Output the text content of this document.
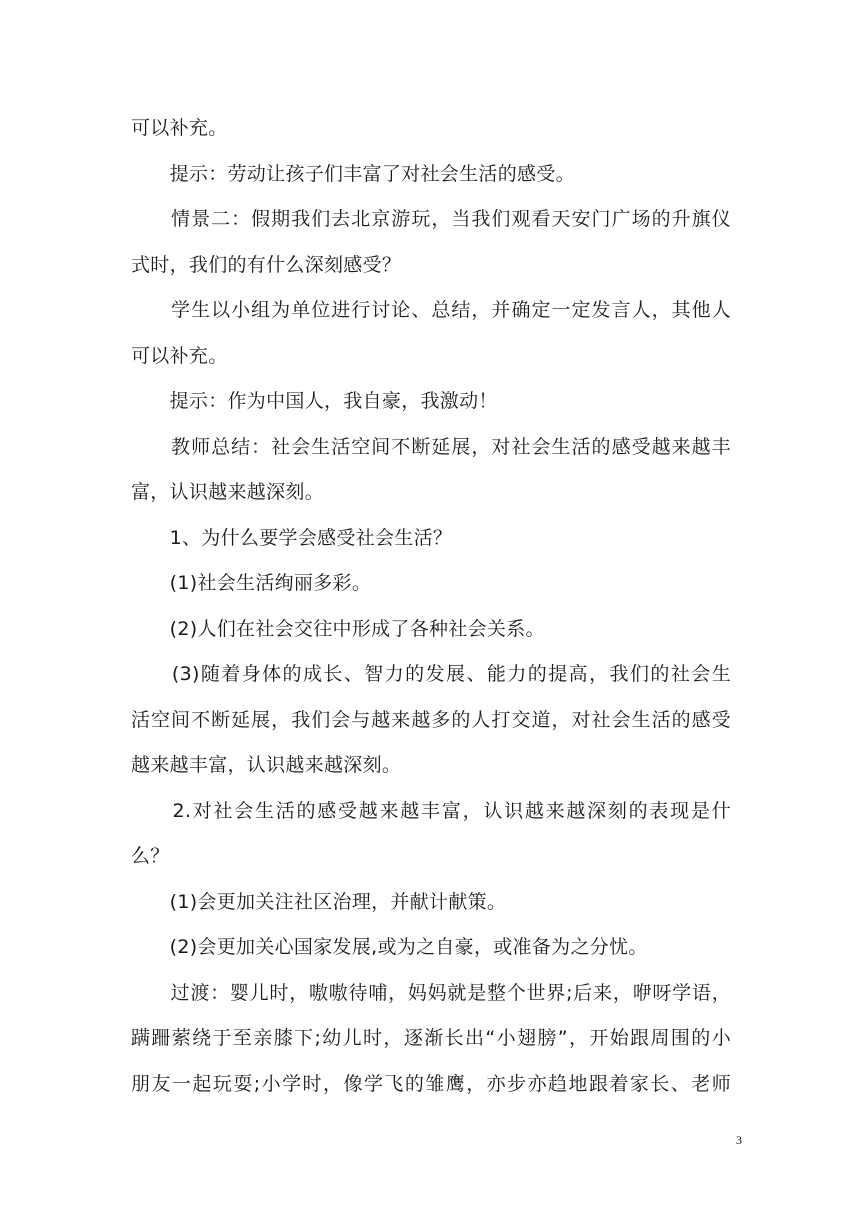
可以补充。
　　提示：劳动让孩子们丰富了对社会生活的感受。
　　情景二：假期我们去北京游玩，当我们观看天安门广场的升旗仪
式时，我们的有什么深刻感受？
　　学生以小组为单位进行讨论、总结，并确定一定发言人，其他人
可以补充。
　　提示：作为中国人，我自豪，我激动！
　　教师总结：社会生活空间不断延展，对社会生活的感受越来越丰
富，认识越来越深刻。
　　1、为什么要学会感受社会生活？
　　(1)社会生活绚丽多彩。
　　(2)人们在社会交往中形成了各种社会关系。
　　(3)随着身体的成长、智力的发展、能力的提高，我们的社会生
活空间不断延展，我们会与越来越多的人打交道，对社会生活的感受
越来越丰富，认识越来越深刻。
　　2.对社会生活的感受越来越丰富，认识越来越深刻的表现是什
么？
　　(1)会更加关注社区治理，并献计献策。
　　(2)会更加关心国家发展,或为之自豪，或准备为之分忧。
　　过渡：婴儿时，嗷嗷待哺，妈妈就是整个世界;后来，咿呀学语，
蹒跚萦绕于至亲膝下;幼儿时，逐渐长出“小翅膀”，开始跟周围的小
朋友一起玩耍;小学时，像学飞的雏鹰，亦步亦趋地跟着家长、老师
3
